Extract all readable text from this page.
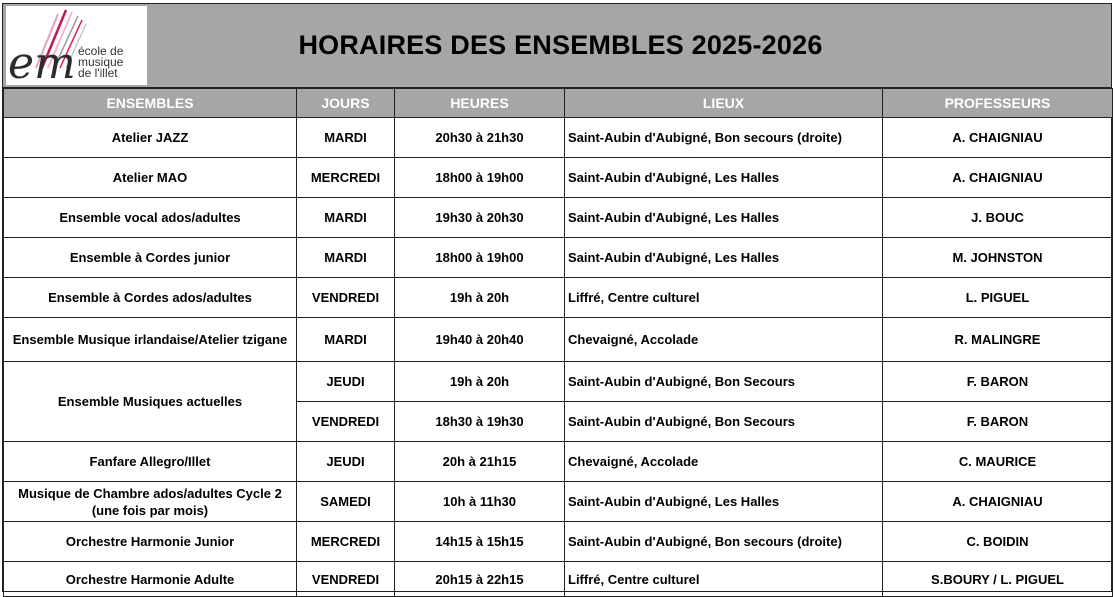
em école de
musique
de l'illet
HORAIRES DES ENSEMBLES 2025-2026
ENSEMBLES	JOURS	HEURES	LIEUX	PROFESSEURS
Atelier JAZZ	MARDI	20h30 à 21h30	Saint-Aubin d'Aubigné, Bon secours (droite)	A. CHAIGNIAU
Atelier MAO	MERCREDI	18h00 à 19h00	Saint-Aubin d'Aubigné, Les Halles	A. CHAIGNIAU
Ensemble vocal ados/adultes	MARDI	19h30 à 20h30	Saint-Aubin d'Aubigné, Les Halles	J. BOUC
Ensemble à Cordes junior	MARDI	18h00 à 19h00	Saint-Aubin d'Aubigné, Les Halles	M. JOHNSTON
Ensemble à Cordes ados/adultes	VENDREDI	19h à 20h	Liffré, Centre culturel	L. PIGUEL
Ensemble Musique irlandaise/Atelier tzigane	MARDI	19h40 à 20h40	Chevaigné, Accolade	R. MALINGRE
Ensemble Musiques actuelles	JEUDI	19h à 20h	Saint-Aubin d'Aubigné, Bon Secours	F. BARON
	VENDREDI	18h30 à 19h30	Saint-Aubin d'Aubigné, Bon Secours	F. BARON
Fanfare Allegro/Illet	JEUDI	20h à 21h15	Chevaigné, Accolade	C. MAURICE
Musique de Chambre ados/adultes Cycle 2 (une fois par mois)	SAMEDI	10h à 11h30	Saint-Aubin d'Aubigné, Les Halles	A. CHAIGNIAU
Orchestre Harmonie Junior	MERCREDI	14h15 à 15h15	Saint-Aubin d'Aubigné, Bon secours (droite)	C. BOIDIN
Orchestre Harmonie Adulte	VENDREDI	20h15 à 22h15	Liffré, Centre culturel	S.BOURY / L. PIGUEL
